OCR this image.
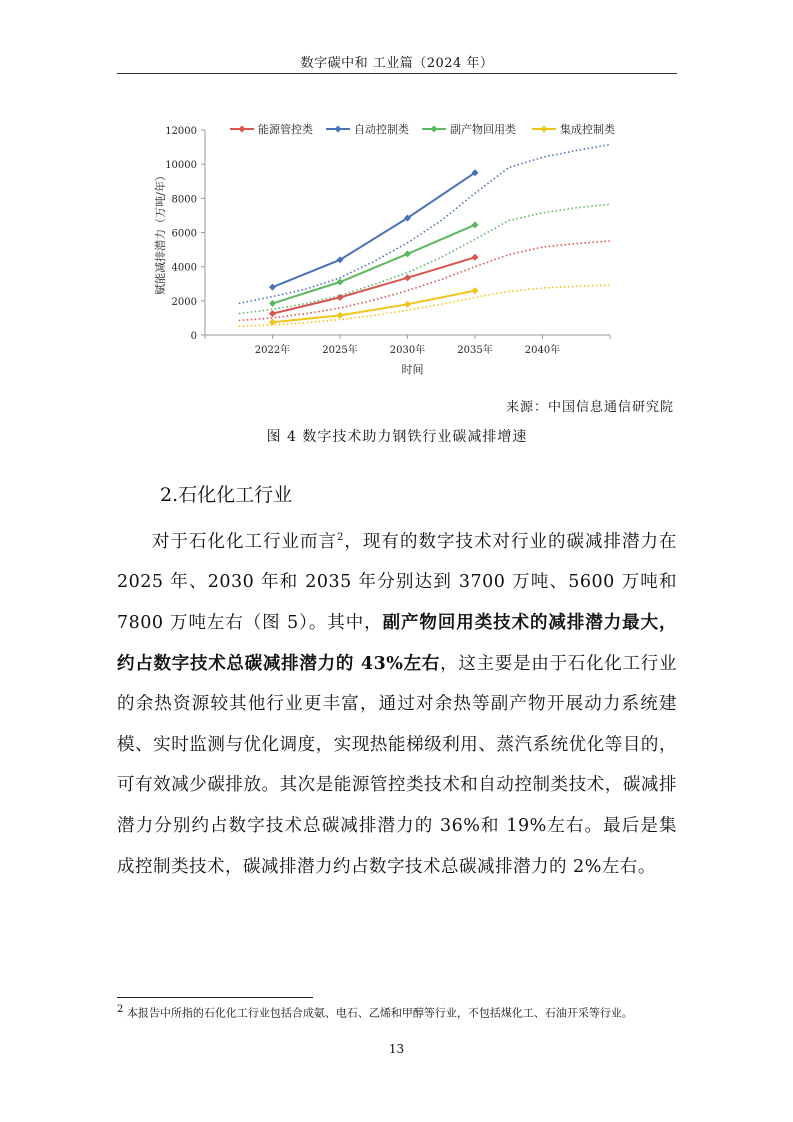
数字碳中和 工业篇（2024 年）
0
2000
4000
6000
8000
10000
12000
2022年	2025年	2030年	2035年	2040年
时间
赋能减排潜力（万吨/年）
能源管控类	自动控制类	副产物回用类	集成控制类
来源：中国信息通信研究院
图 4 数字技术助力钢铁行业碳减排增速
2.石化化工行业

对于石化化工行业而言$^2$，现有的数字技术对行业的碳减排潜力在 2025 年、2030 年和 2035 年分别达到 3700 万吨、5600 万吨和 7800 万吨左右（图 5）。其中，副产物回用类技术的减排潜力最大，约占数字技术总碳减排潜力的 43%左右，这主要是由于石化化工行业的余热资源较其他行业更丰富，通过对余热等副产物开展动力系统建模、实时监测与优化调度，实现热能梯级利用、蒸汽系统优化等目的，可有效减少碳排放。其次是能源管控类技术和自动控制类技术，碳减排潜力分别约占数字技术总碳减排潜力的 36%和 19%左右。最后是集成控制类技术，碳减排潜力约占数字技术总碳减排潜力的 2%左右。

$^2$ 本报告中所指的石化化工行业包括合成氨、电石、乙烯和甲醇等行业，不包括煤化工、石油开采等行业。
13
